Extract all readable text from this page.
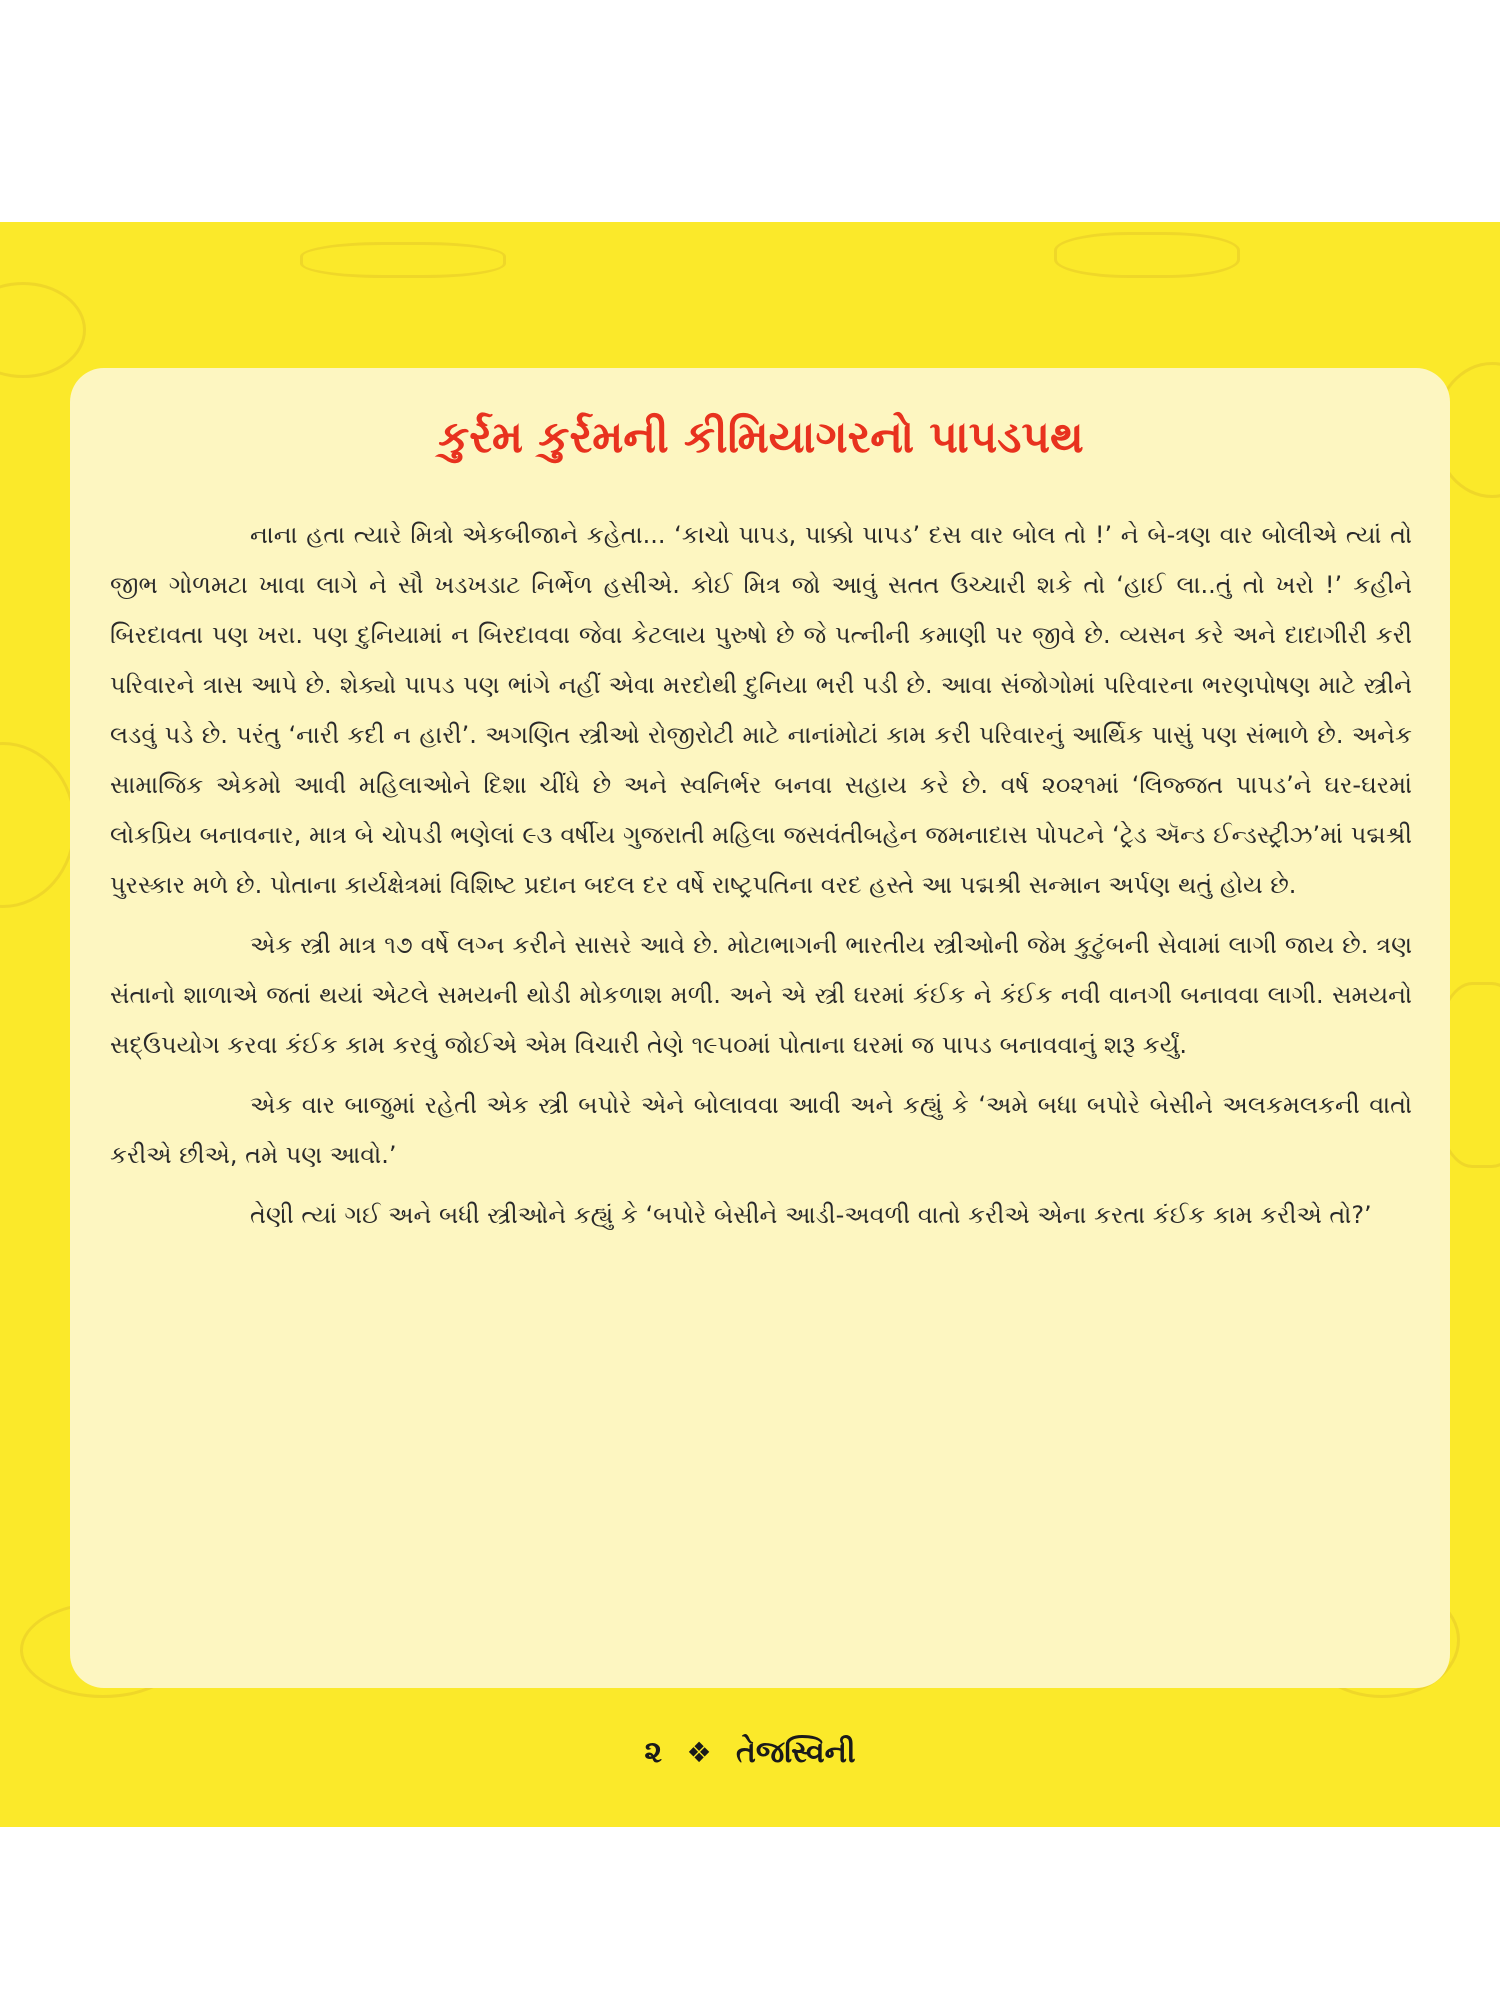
કુર્રમ કુર્રમની કીમિયાગરનો પાપડપથ

નાના હતા ત્યારે મિત્રો એકબીજાને કહેતા... ‘કાચો પાપડ, પાક્કો પાપડ’ દસ વાર બોલ તો !’ ને બે-ત્રણ વાર બોલીએ ત્યાં તો જીભ ગોળમટા ખાવા લાગે ને સૌ ખડખડાટ નિર્ભેળ હસીએ. કોઈ મિત્ર જો આવું સતત ઉચ્ચારી શકે તો ‘હાઈ લા..તું તો ખરો !’ કહીને બિરદાવતા પણ ખરા. પણ દુનિયામાં ન બિરદાવવા જેવા કેટલાય પુરુષો છે જે પત્નીની કમાણી પર જીવે છે. વ્યસન કરે અને દાદાગીરી કરી પરિવારને ત્રાસ આપે છે. શેક્યો પાપડ પણ ભાંગે નહીં એવા મરદોથી દુનિયા ભરી પડી છે. આવા સંજોગોમાં પરિવારના ભરણપોષણ માટે સ્ત્રીને લડવું પડે છે. પરંતુ ‘નારી કદી ન હારી’. અગણિત સ્ત્રીઓ રોજીરોટી માટે નાનાંમોટાં કામ કરી પરિવારનું આર્થિક પાસું પણ સંભાળે છે. અનેક સામાજિક એકમો આવી મહિલાઓને દિશા ચીંધે છે અને સ્વનિર્ભર બનવા સહાય કરે છે. વર્ષ ૨૦૨૧માં ‘લિજ્જત પાપડ’ને ઘર-ઘરમાં લોકપ્રિય બનાવનાર, માત્ર બે ચોપડી ભણેલાં ૯૩ વર્ષીય ગુજરાતી મહિલા જસવંતીબહેન જમનાદાસ પોપટને ‘ટ્રેડ ઍન્ડ ઈન્ડસ્ટ્રીઝ’માં પદ્મશ્રી પુરસ્કાર મળે છે. પોતાના કાર્યક્ષેત્રમાં વિશિષ્ટ પ્રદાન બદલ દર વર્ષે રાષ્ટ્રપતિના વરદ હસ્તે આ પદ્મશ્રી સન્માન અર્પણ થતું હોય છે.

એક સ્ત્રી માત્ર ૧૭ વર્ષે લગ્ન કરીને સાસરે આવે છે. મોટાભાગની ભારતીય સ્ત્રીઓની જેમ કુટુંબની સેવામાં લાગી જાય છે. ત્રણ સંતાનો શાળાએ જતાં થયાં એટલે સમયની થોડી મોકળાશ મળી. અને એ સ્ત્રી ઘરમાં કંઈક ને કંઈક નવી વાનગી બનાવવા લાગી. સમયનો સદ્ઉપયોગ કરવા કંઈક કામ કરવું જોઈએ એમ વિચારી તેણે ૧૯૫૦માં પોતાના ઘરમાં જ પાપડ બનાવવાનું શરૂ કર્યું.

એક વાર બાજુમાં રહેતી એક સ્ત્રી બપોરે એને બોલાવવા આવી અને કહ્યું કે ‘અમે બધા બપોરે બેસીને અલકમલકની વાતો કરીએ છીએ, તમે પણ આવો.’

તેણી ત્યાં ગઈ અને બધી સ્ત્રીઓને કહ્યું કે ‘બપોરે બેસીને આડી-અવળી વાતો કરીએ એના કરતા કંઈક કામ કરીએ તો?’

૨ ❖ તેજસ્વિની
